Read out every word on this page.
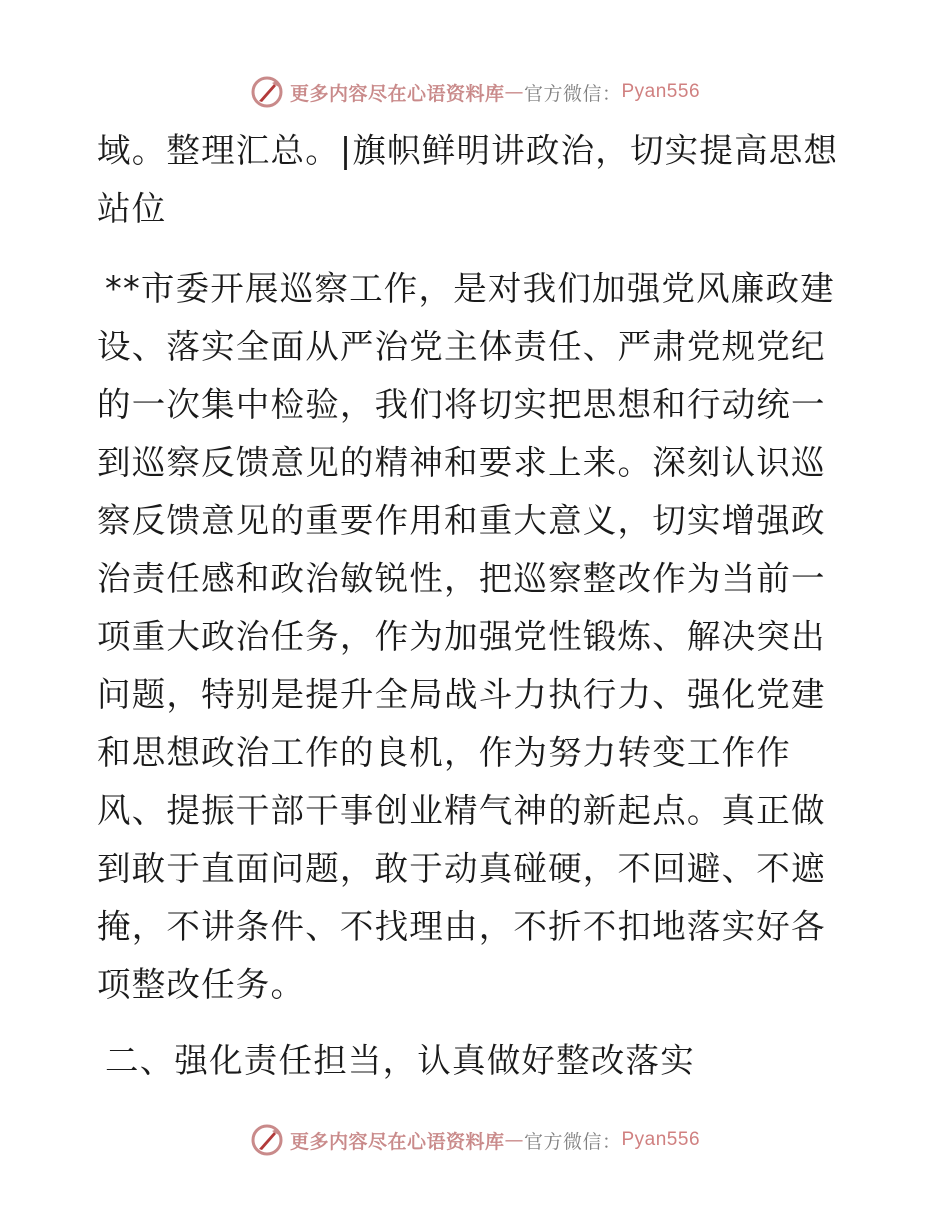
更多内容尽在心语资料库 — 官方微信： Pyan556

域。整理汇总。|旗帜鲜明讲政治，切实提高思想站位

**市委开展巡察工作，是对我们加强党风廉政建设、落实全面从严治党主体责任、严肃党规党纪的一次集中检验，我们将切实把思想和行动统一到巡察反馈意见的精神和要求上来。深刻认识巡察反馈意见的重要作用和重大意义，切实增强政治责任感和政治敏锐性，把巡察整改作为当前一项重大政治任务，作为加强党性锻炼、解决突出问题，特别是提升全局战斗力执行力、强化党建和思想政治工作的良机，作为努力转变工作作风、提振干部干事创业精气神的新起点。真正做到敢于直面问题，敢于动真碰硬，不回避、不遮掩，不讲条件、不找理由，不折不扣地落实好各项整改任务。

二、强化责任担当，认真做好整改落实

更多内容尽在心语资料库 — 官方微信： Pyan556
